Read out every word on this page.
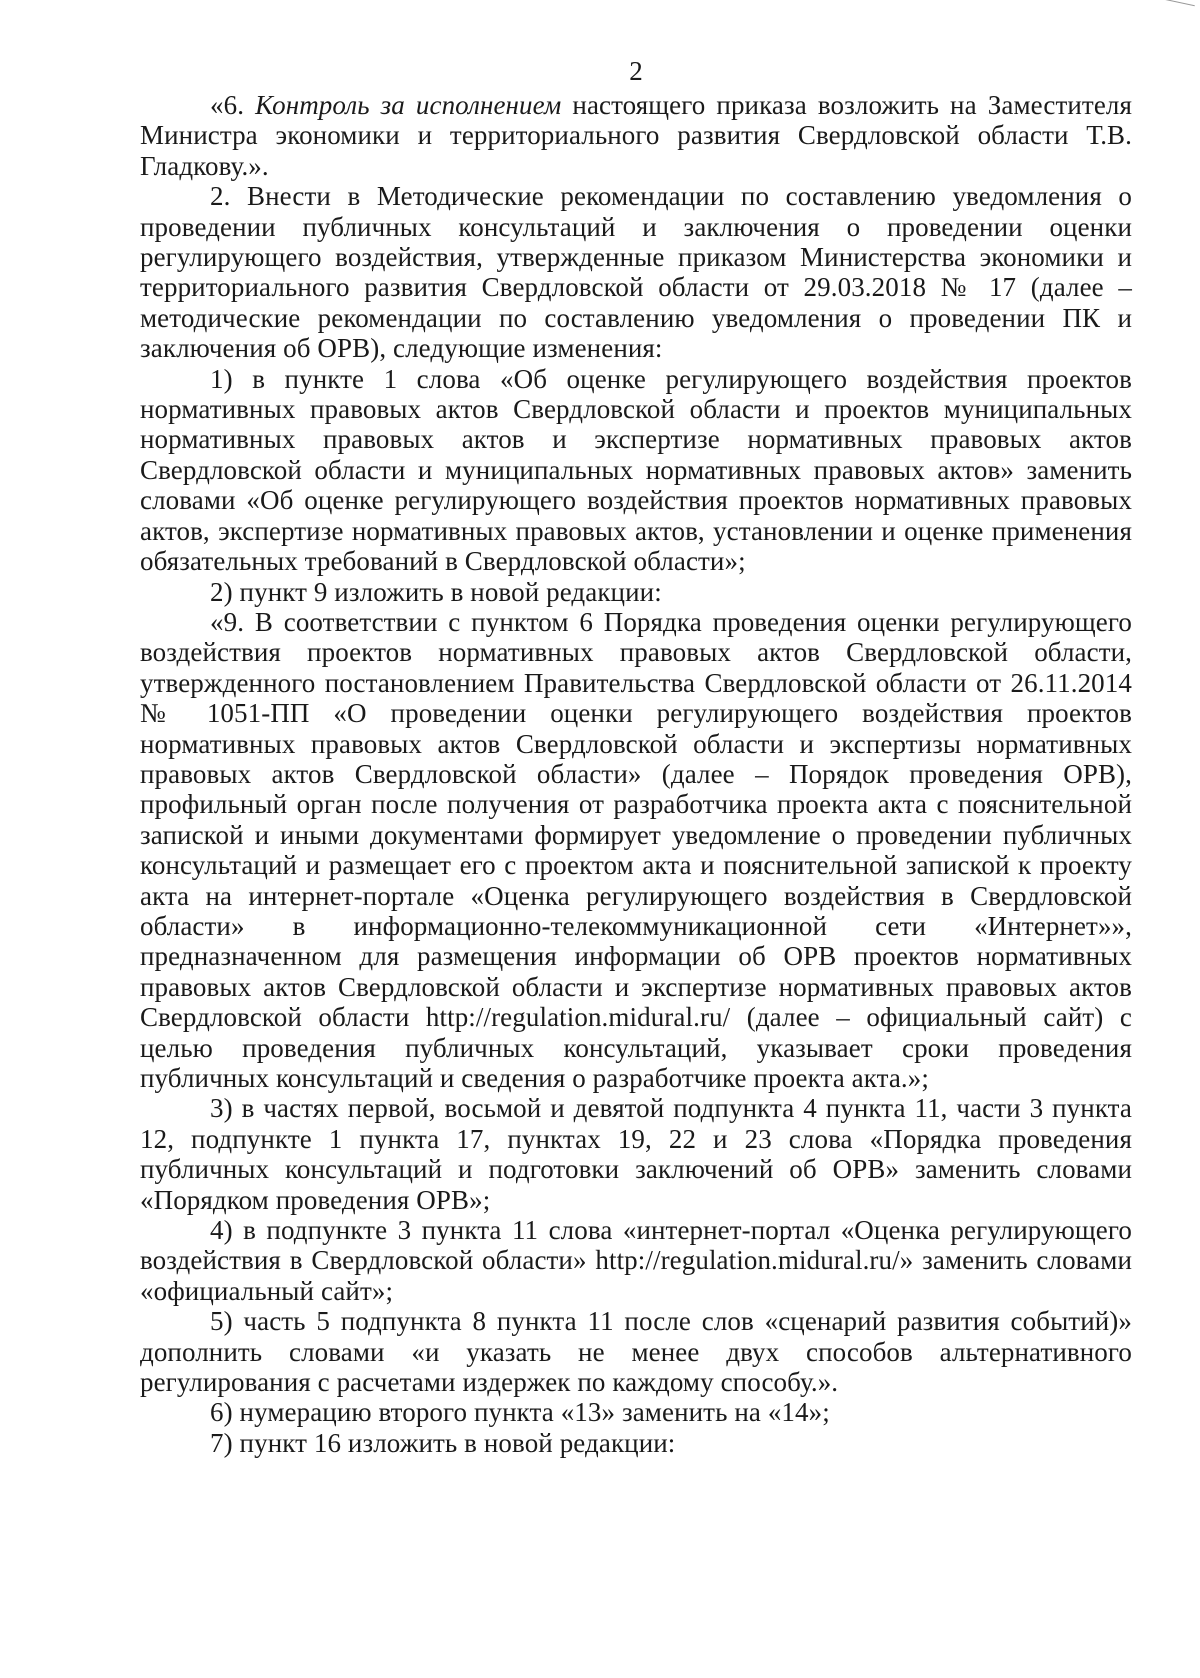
2

«6. Контроль за исполнением настоящего приказа возложить на Заместителя Министра экономики и территориального развития Свердловской области Т.В. Гладкову.».

2. Внести в Методические рекомендации по составлению уведомления о проведении публичных консультаций и заключения о проведении оценки регулирующего воздействия, утвержденные приказом Министерства экономики и территориального развития Свердловской области от 29.03.2018 № 17 (далее – методические рекомендации по составлению уведомления о проведении ПК и заключения об ОРВ), следующие изменения:

1) в пункте 1 слова «Об оценке регулирующего воздействия проектов нормативных правовых актов Свердловской области и проектов муниципальных нормативных правовых актов и экспертизе нормативных правовых актов Свердловской области и муниципальных нормативных правовых актов» заменить словами «Об оценке регулирующего воздействия проектов нормативных правовых актов, экспертизе нормативных правовых актов, установлении и оценке применения обязательных требований в Свердловской области»;

2) пункт 9 изложить в новой редакции:

«9. В соответствии с пунктом 6 Порядка проведения оценки регулирующего воздействия проектов нормативных правовых актов Свердловской области, утвержденного постановлением Правительства Свердловской области от 26.11.2014 № 1051-ПП «О проведении оценки регулирующего воздействия проектов нормативных правовых актов Свердловской области и экспертизы нормативных правовых актов Свердловской области» (далее – Порядок проведения ОРВ), профильный орган после получения от разработчика проекта акта с пояснительной запиской и иными документами формирует уведомление о проведении публичных консультаций и размещает его с проектом акта и пояснительной запиской к проекту акта на интернет-портале «Оценка регулирующего воздействия в Свердловской области» в информационно-телекоммуникационной сети «Интернет»», предназначенном для размещения информации об ОРВ проектов нормативных правовых актов Свердловской области и экспертизе нормативных правовых актов Свердловской области http://regulation.midural.ru/ (далее – официальный сайт) с целью проведения публичных консультаций, указывает сроки проведения публичных консультаций и сведения о разработчике проекта акта.»;

3) в частях первой, восьмой и девятой подпункта 4 пункта 11, части 3 пункта 12, подпункте 1 пункта 17, пунктах 19, 22 и 23 слова «Порядка проведения публичных консультаций и подготовки заключений об ОРВ» заменить словами «Порядком проведения ОРВ»;

4) в подпункте 3 пункта 11 слова «интернет-портал «Оценка регулирующего воздействия в Свердловской области» http://regulation.midural.ru/» заменить словами «официальный сайт»;

5) часть 5 подпункта 8 пункта 11 после слов «сценарий развития событий)» дополнить словами «и указать не менее двух способов альтернативного регулирования с расчетами издержек по каждому способу.».

6) нумерацию второго пункта «13» заменить на «14»;

7) пункт 16 изложить в новой редакции:
